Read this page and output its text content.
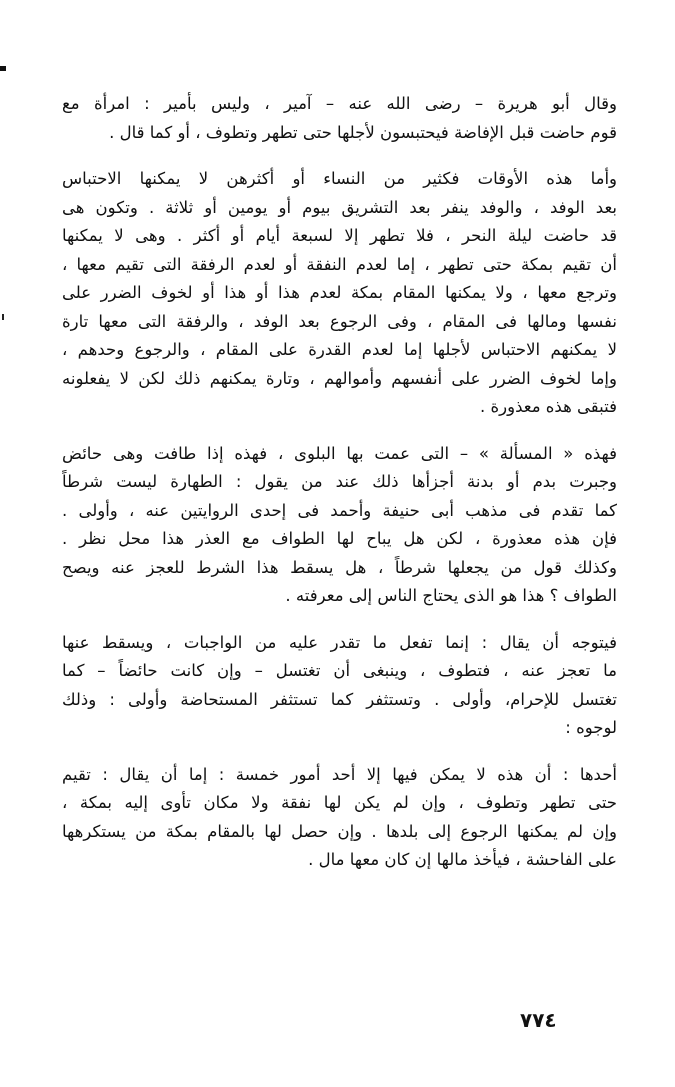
وقال أبو هريرة – رضى الله عنه – آمير ، وليس بأمير : امرأة مع
قوم حاضت قبل الإفاضة فيحتبسون لأجلها حتى تطهر وتطوف ، أو كما قال .

وأما هذه الأوقات فكثير من النساء أو أكثرهن لا يمكنها الاحتباس
بعد الوفد ، والوفد ينفر بعد التشريق بيوم أو يومين أو ثلاثة . وتكون هى
قد حاضت ليلة النحر ، فلا تطهر إلا لسبعة أيام أو أكثر . وهى لا يمكنها
أن تقيم بمكة حتى تطهر ، إما لعدم النفقة أو لعدم الرفقة التى تقيم معها ،
وترجع معها ، ولا يمكنها المقام بمكة لعدم هذا أو هذا أو لخوف الضرر على
نفسها ومالها فى المقام ، وفى الرجوع بعد الوفد ، والرفقة التى معها تارة
لا يمكنهم الاحتباس لأجلها إما لعدم القدرة على المقام ، والرجوع وحدهم ،
وإما لخوف الضرر على أنفسهم وأموالهم ، وتارة يمكنهم ذلك لكن لا يفعلونه
فتبقى هذه معذورة .

فهذه « المسألة » – التى عمت بها البلوى ، فهذه إذا طافت وهى حائض
وجبرت بدم أو بدنة أجزأها ذلك عند من يقول : الطهارة ليست شرطاً
كما تقدم فى مذهب أبى حنيفة وأحمد فى إحدى الروايتين عنه ، وأولى .
فإن هذه معذورة ، لكن هل يباح لها الطواف مع العذر هذا محل نظر .
وكذلك قول من يجعلها شرطاً ، هل يسقط هذا الشرط للعجز عنه ويصح
الطواف ؟ هذا هو الذى يحتاج الناس إلى معرفته .

فيتوجه أن يقال : إنما تفعل ما تقدر عليه من الواجبات ، ويسقط عنها
ما تعجز عنه ، فتطوف ، وينبغى أن تغتسل – وإن كانت حائضاً – كما
تغتسل للإحرام، وأولى . وتستثفر كما تستثفر المستحاضة وأولى : وذلك
لوجوه :

أحدها : أن هذه لا يمكن فيها إلا أحد أمور خمسة : إما أن يقال : تقيم
حتى تطهر وتطوف ، وإن لم يكن لها نفقة ولا مكان تأوى إليه بمكة ،
وإن لم يمكنها الرجوع إلى بلدها . وإن حصل لها بالمقام بمكة من يستكرهها
على الفاحشة ، فيأخذ مالها إن كان معها مال .

٧٧٤
